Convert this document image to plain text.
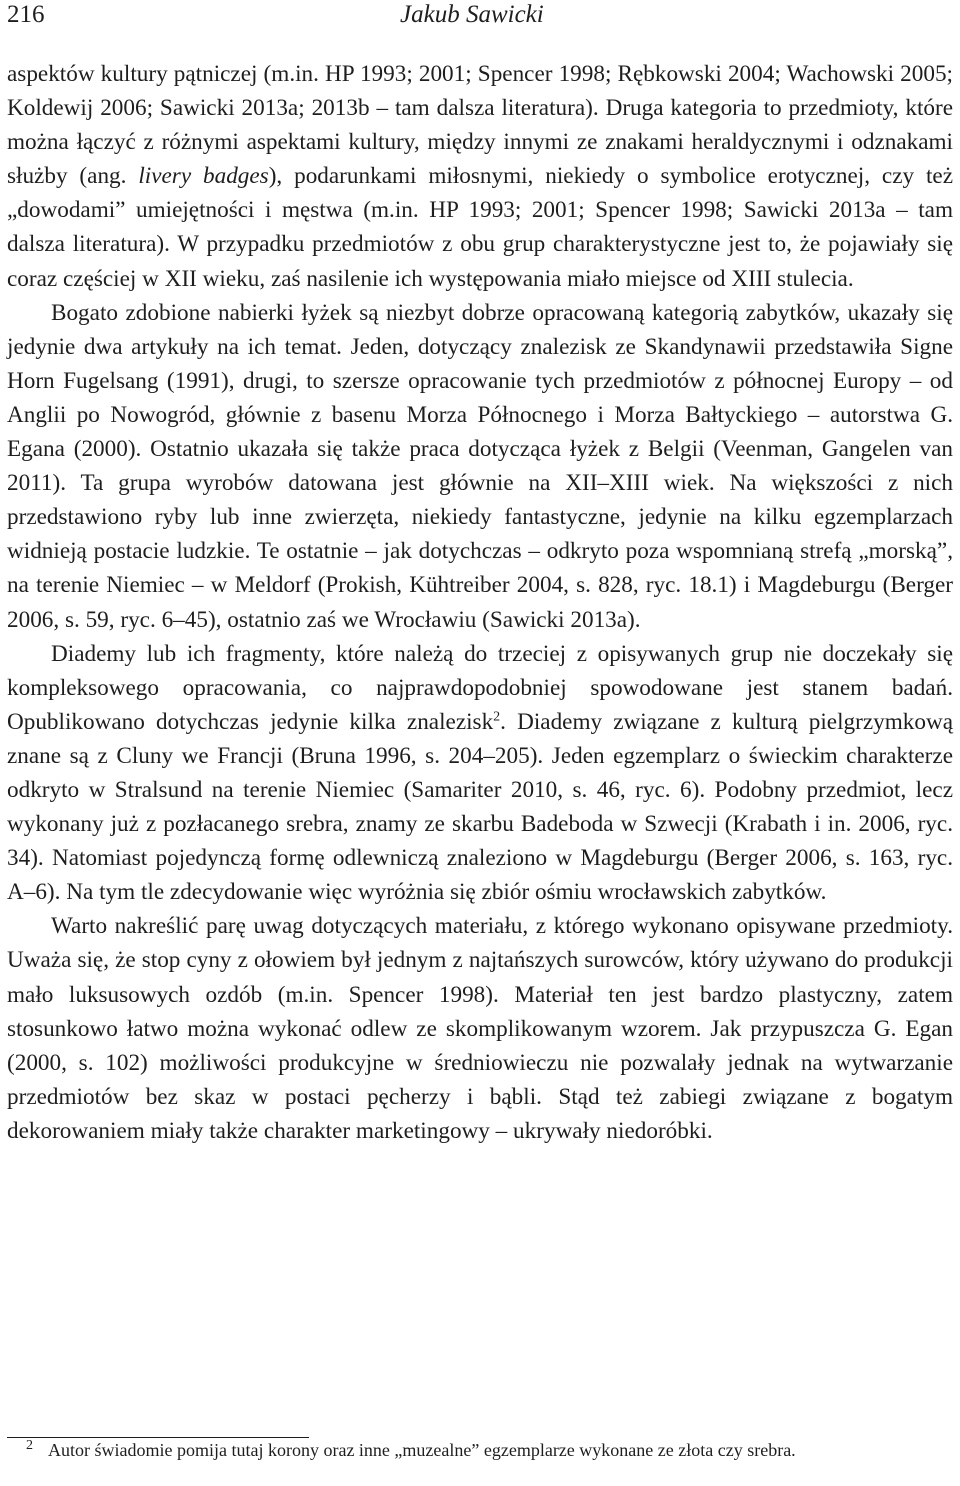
216	Jakub Sawicki

aspektów kultury pątniczej (m.in. HP 1993; 2001; Spencer 1998; Rębkowski 2004; Wachowski 2005; Koldewij 2006; Sawicki 2013a; 2013b – tam dalsza literatura). Druga kategoria to przedmioty, które można łączyć z różnymi aspektami kultury, między innymi ze znakami heraldycznymi i odznakami służby (ang. livery badges), podarunkami miłosnymi, niekiedy o symbolice erotycznej, czy też „dowodami” umiejętności i męstwa (m.in. HP 1993; 2001; Spencer 1998; Sawicki 2013a – tam dalsza literatura). W przypadku przedmiotów z obu grup charakterystyczne jest to, że pojawiały się coraz częściej w XII wieku, zaś nasilenie ich występowania miało miejsce od XIII stulecia.

Bogato zdobione nabierki łyżek są niezbyt dobrze opracowaną kategorią zabytków, ukazały się jedynie dwa artykuły na ich temat. Jeden, dotyczący znalezisk ze Skandynawii przedstawiła Signe Horn Fugelsang (1991), drugi, to szersze opracowanie tych przedmiotów z północnej Europy – od Anglii po Nowogród, głównie z basenu Morza Północnego i Morza Bałtyckiego – autorstwa G. Egana (2000). Ostatnio ukazała się także praca dotycząca łyżek z Belgii (Veenman, Gangelen van 2011). Ta grupa wyrobów datowana jest głównie na XII–XIII wiek. Na większości z nich przedstawiono ryby lub inne zwierzęta, niekiedy fantastyczne, jedynie na kilku egzemplarzach widnieją postacie ludzkie. Te ostatnie – jak dotychczas – odkryto poza wspomnianą strefą „morską”, na terenie Niemiec – w Meldorf (Prokish, Kühtreiber 2004, s. 828, ryc. 18.1) i Magdeburgu (Berger 2006, s. 59, ryc. 6–45), ostatnio zaś we Wrocławiu (Sawicki 2013a).

Diademy lub ich fragmenty, które należą do trzeciej z opisywanych grup nie doczekały się kompleksowego opracowania, co najprawdopodobniej spowodowane jest stanem badań. Opublikowano dotychczas jedynie kilka znalezisk$^2$. Diademy związane z kulturą pielgrzymkową znane są z Cluny we Francji (Bruna 1996, s. 204–205). Jeden egzemplarz o świeckim charakterze odkryto w Stralsund na terenie Niemiec (Samariter 2010, s. 46, ryc. 6). Podobny przedmiot, lecz wykonany już z pozłacanego srebra, znamy ze skarbu Badeboda w Szwecji (Krabath i in. 2006, ryc. 34). Natomiast pojedynczą formę odlewniczą znaleziono w Magdeburgu (Berger 2006, s. 163, ryc. A–6). Na tym tle zdecydowanie więc wyróżnia się zbiór ośmiu wrocławskich zabytków.

Warto nakreślić parę uwag dotyczących materiału, z którego wykonano opisywane przedmioty. Uważa się, że stop cyny z ołowiem był jednym z najtańszych surowców, który używano do produkcji mało luksusowych ozdób (m.in. Spencer 1998). Materiał ten jest bardzo plastyczny, zatem stosunkowo łatwo można wykonać odlew ze skomplikowanym wzorem. Jak przypuszcza G. Egan (2000, s. 102) możliwości produkcyjne w średniowieczu nie pozwalały jednak na wytwarzanie przedmiotów bez skaz w postaci pęcherzy i bąbli. Stąd też zabiegi związane z bogatym dekorowaniem miały także charakter marketingowy – ukrywały niedoróbki.

2 Autor świadomie pomija tutaj korony oraz inne „muzealne” egzemplarze wykonane ze złota czy srebra.
